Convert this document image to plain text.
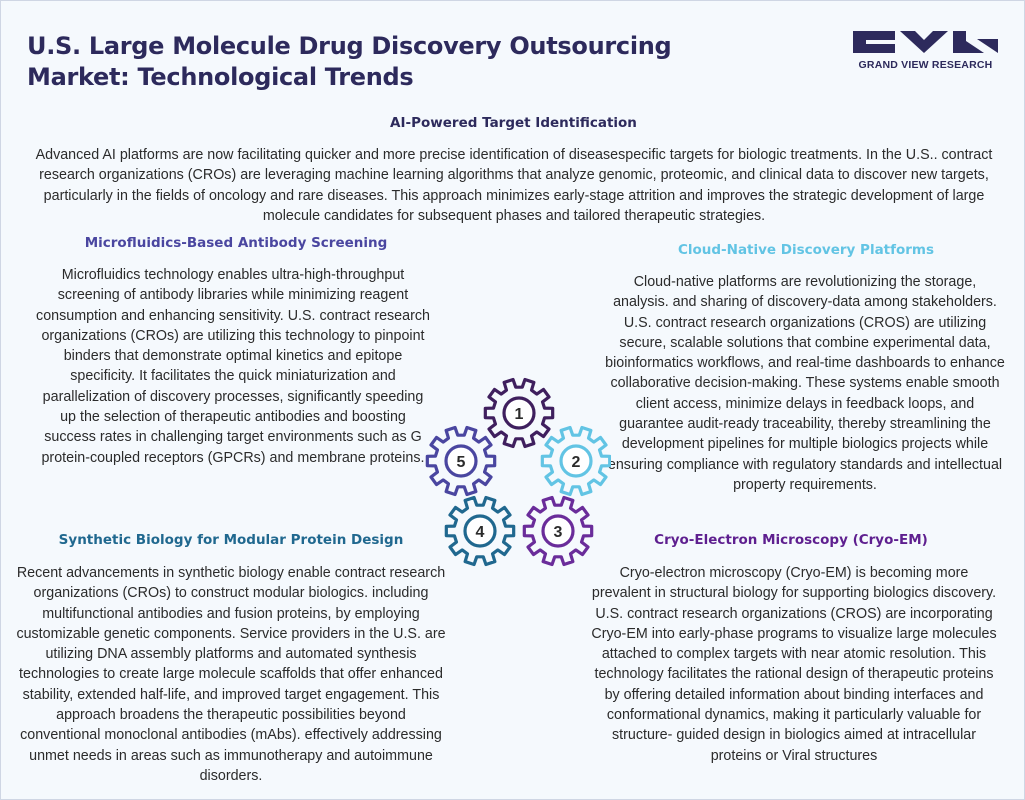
U.S. Large Molecule Drug Discovery Outsourcing Market: Technological Trends	GRAND VIEW RESEARCH
AI-Powered Target Identification
Advanced AI platforms are now facilitating quicker and more precise identification of diseasespecific targets for biologic treatments. In the U.S.. contract research organizations (CROs) are leveraging machine learning algorithms that analyze genomic, proteomic, and clinical data to discover new targets, particularly in the fields of oncology and rare diseases. This approach minimizes early-stage attrition and improves the strategic development of large molecule candidates for subsequent phases and tailored therapeutic strategies.
Microfluidics-Based Antibody Screening
Microfluidics technology enables ultra-high-throughput screening of antibody libraries while minimizing reagent consumption and enhancing sensitivity. U.S. contract research organizations (CROs) are utilizing this technology to pinpoint binders that demonstrate optimal kinetics and epitope specificity. It facilitates the quick miniaturization and parallelization of discovery processes, significantly speeding up the selection of therapeutic antibodies and boosting success rates in challenging target environments such as G protein-coupled receptors (GPCRs) and membrane proteins.
Cloud-Native Discovery Platforms
Cloud-native platforms are revolutionizing the storage, analysis. and sharing of discovery-data among stakeholders. U.S. contract research organizations (CROS) are utilizing secure, scalable solutions that combine experimental data, bioinformatics workflows, and real-time dashboards to enhance collaborative decision-making. These systems enable smooth client access, minimize delays in feedback loops, and guarantee audit-ready traceability, thereby streamlining the development pipelines for multiple biologics projects while ensuring compliance with regulatory standards and intellectual property requirements.
Synthetic Biology for Modular Protein Design
Recent advancements in synthetic biology enable contract research organizations (CROs) to construct modular biologics. including multifunctional antibodies and fusion proteins, by employing customizable genetic components. Service providers in the U.S. are utilizing DNA assembly platforms and automated synthesis technologies to create large molecule scaffolds that offer enhanced stability, extended half-life, and improved target engagement. This approach broadens the therapeutic possibilities beyond conventional monoclonal antibodies (mAbs). effectively addressing unmet needs in areas such as immunotherapy and autoimmune disorders.
Cryo-Electron Microscopy (Cryo-EM)
Cryo-electron microscopy (Cryo-EM) is becoming more prevalent in structural biology for supporting biologics discovery. U.S. contract research organizations (CROS) are incorporating Cryo-EM into early-phase programs to visualize large molecules attached to complex targets with near atomic resolution. This technology facilitates the rational design of therapeutic proteins by offering detailed information about binding interfaces and conformational dynamics, making it particularly valuable for structure- guided design in biologics aimed at intracellular proteins or Viral structures
1
2
3
4
5
